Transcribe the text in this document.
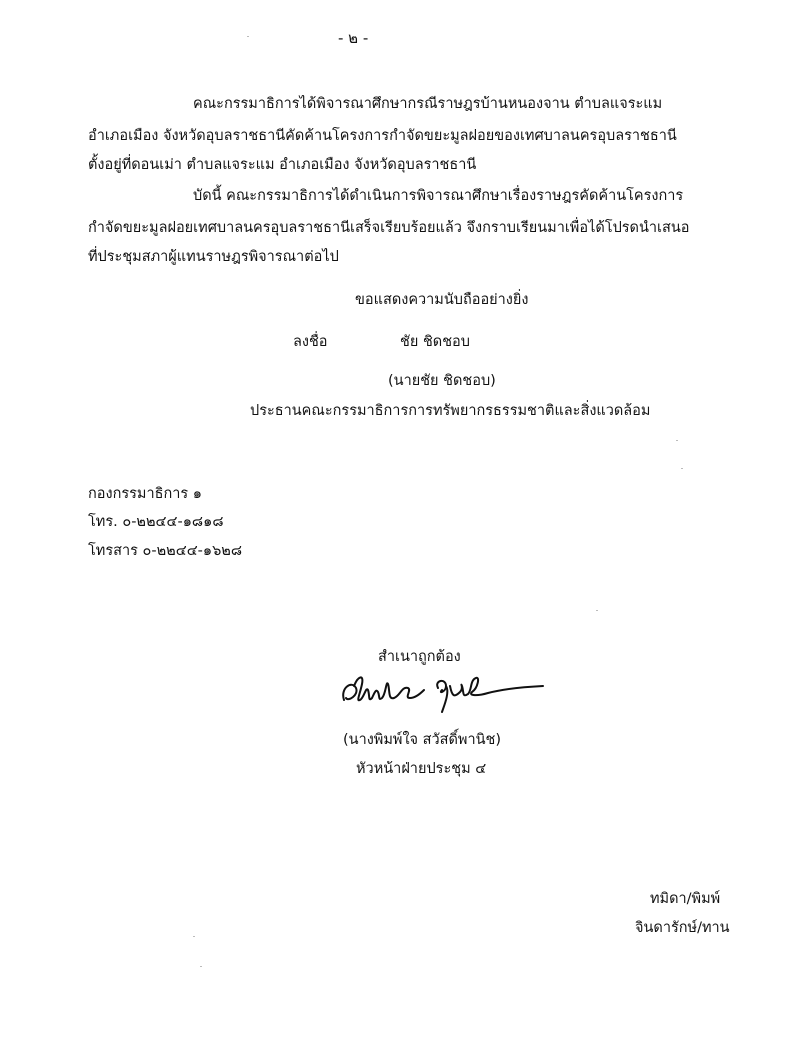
- ๒ -
คณะกรรมาธิการได้พิจารณาศึกษากรณีราษฎรบ้านหนองจาน ตำบลแจระแม
อำเภอเมือง จังหวัดอุบลราชธานีคัดค้านโครงการกำจัดขยะมูลฝอยของเทศบาลนครอุบลราชธานี
ตั้งอยู่ที่ดอนเม่า ตำบลแจระแม อำเภอเมือง จังหวัดอุบลราชธานี
บัดนี้ คณะกรรมาธิการได้ดำเนินการพิจารณาศึกษาเรื่องราษฎรคัดค้านโครงการ
กำจัดขยะมูลฝอยเทศบาลนครอุบลราชธานีเสร็จเรียบร้อยแล้ว จึงกราบเรียนมาเพื่อได้โปรดนำเสนอ
ที่ประชุมสภาผู้แทนราษฎรพิจารณาต่อไป
ขอแสดงความนับถืออย่างยิ่ง
ลงชื่อ	ชัย ชิดชอบ
(นายชัย ชิดชอบ)
ประธานคณะกรรมาธิการการทรัพยากรธรรมชาติและสิ่งแวดล้อม
กองกรรมาธิการ ๑
โทร. ๐-๒๒๔๔-๑๘๑๘
โทรสาร ๐-๒๒๔๔-๑๖๒๘
สำเนาถูกต้อง
(นางพิมพ์ใจ สวัสดิ์พานิช)
หัวหน้าฝ่ายประชุม ๔
ทมิดา/พิมพ์
จินดารักษ์/ทาน
